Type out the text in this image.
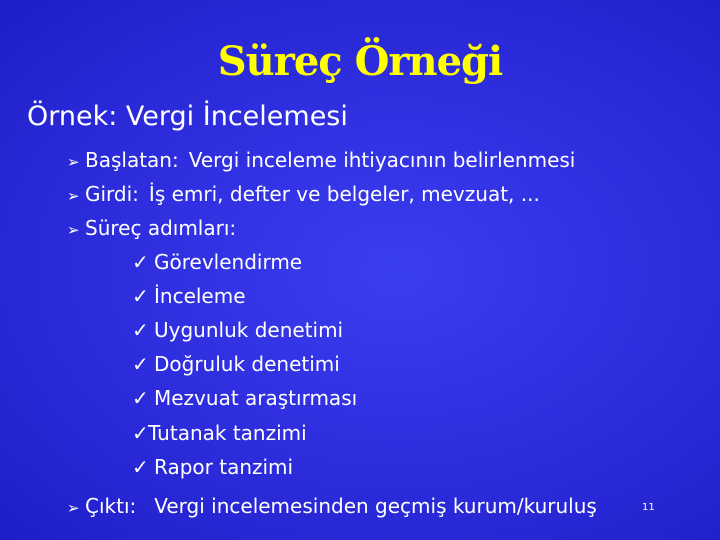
Süreç Örneği
Örnek: Vergi İncelemesi
➢ Başlatan: Vergi inceleme ihtiyacının belirlenmesi
➢ Girdi: İş emri, defter ve belgeler, mevzuat, ...
➢ Süreç adımları:
✓ Görevlendirme
✓ İnceleme
✓ Uygunluk denetimi
✓ Doğruluk denetimi
✓ Mezvuat araştırması
✓Tutanak tanzimi
✓ Rapor tanzimi
➢ Çıktı: Vergi incelemesinden geçmiş kurum/kuruluş	11
